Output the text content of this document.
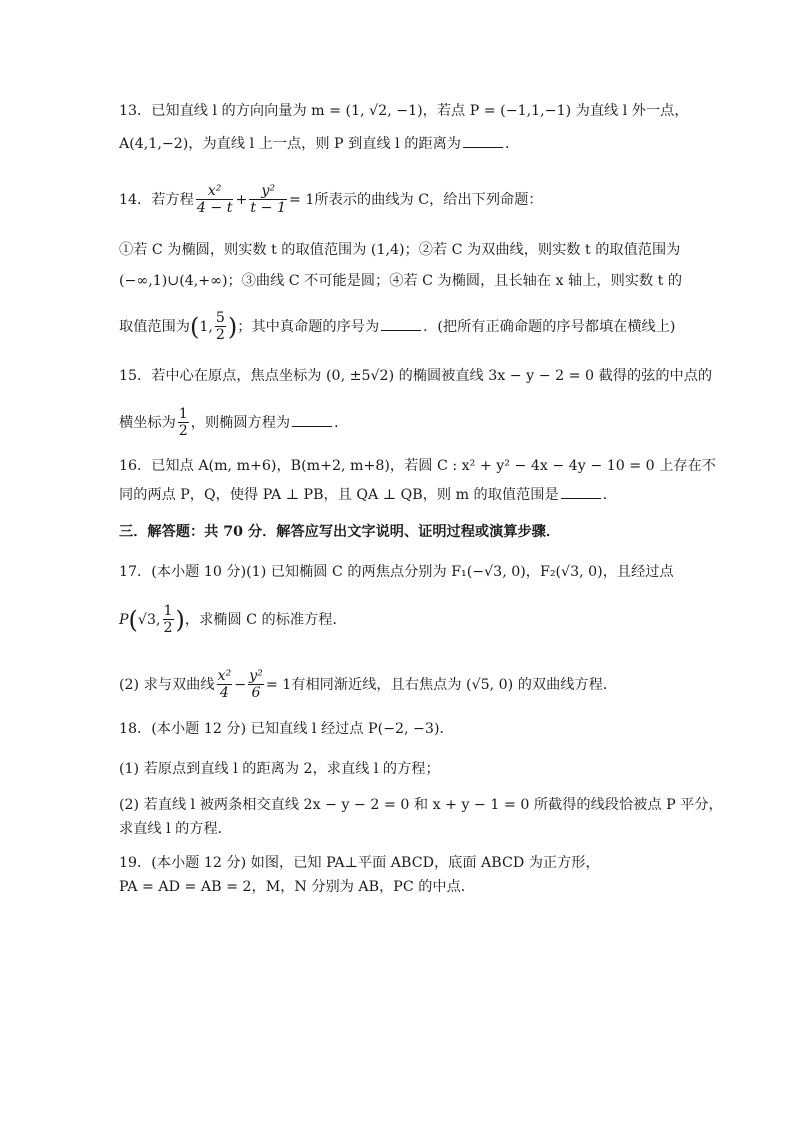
13．已知直线 l 的方向向量为 m = (1, √2, −1)，若点 P = (−1,1,−1) 为直线 l 外一点，
A(4,1,−2)，为直线 l 上一点，则 P 到直线 l 的距离为	．
14．若方程 $\frac{\text{x²}}{4 - t} + \frac{\text{y²}}{t - 1} = 1$所表示的曲线为 C，给出下列命题：
①若 C 为椭圆，则实数 t 的取值范围为 (1,4)；②若 C 为双曲线，则实数 t 的取值范围为
(−∞,1)∪(4,+∞)；③曲线 C 不可能是圆；④若 C 为椭圆，且长轴在 x 轴上，则实数 t 的
取值范围为(1, $\frac{5}{2}$ )；其中真命题的序号为	．(把所有正确命题的序号都填在横线上)
15．若中心在原点，焦点坐标为 (0, ±5√2) 的椭圆被直线 3x − y − 2 = 0 截得的弦的中点的
横坐标为 $\frac{1}{2}$ ，则椭圆方程为	．
16．已知点 A(m, m+6)，B(m+2, m+8)，若圆 C : x² + y² − 4x − 4y − 10 = 0 上存在不
同的两点 P，Q，使得 PA ⊥ PB，且 QA ⊥ QB，则 m 的取值范围是	．
三．解答题：共 70 分．解答应写出文字说明、证明过程或演算步骤．
17．(本小题 10 分)(1) 已知椭圆 C 的两焦点分别为 F₁(−√3, 0)，F₂(√3, 0)，且经过点
P(√3, $\frac{1}{2}$ )，求椭圆 C 的标准方程．
(2) 求与双曲线 $\frac{\text{x²}}{4} - \frac{\text{y²}}{6} = 1$有相同渐近线，且右焦点为 (√5, 0) 的双曲线方程．
18．(本小题 12 分) 已知直线 l 经过点 P(−2, −3)．
(1) 若原点到直线 l 的距离为 2，求直线 l 的方程；
(2) 若直线 l 被两条相交直线 2x − y − 2 = 0 和 x + y − 1 = 0 所截得的线段恰被点 P 平分，
求直线 l 的方程．
19．(本小题 12 分) 如图，已知 PA⊥平面 ABCD，底面 ABCD 为正方形，
PA = AD = AB = 2，M，N 分别为 AB，PC 的中点．
